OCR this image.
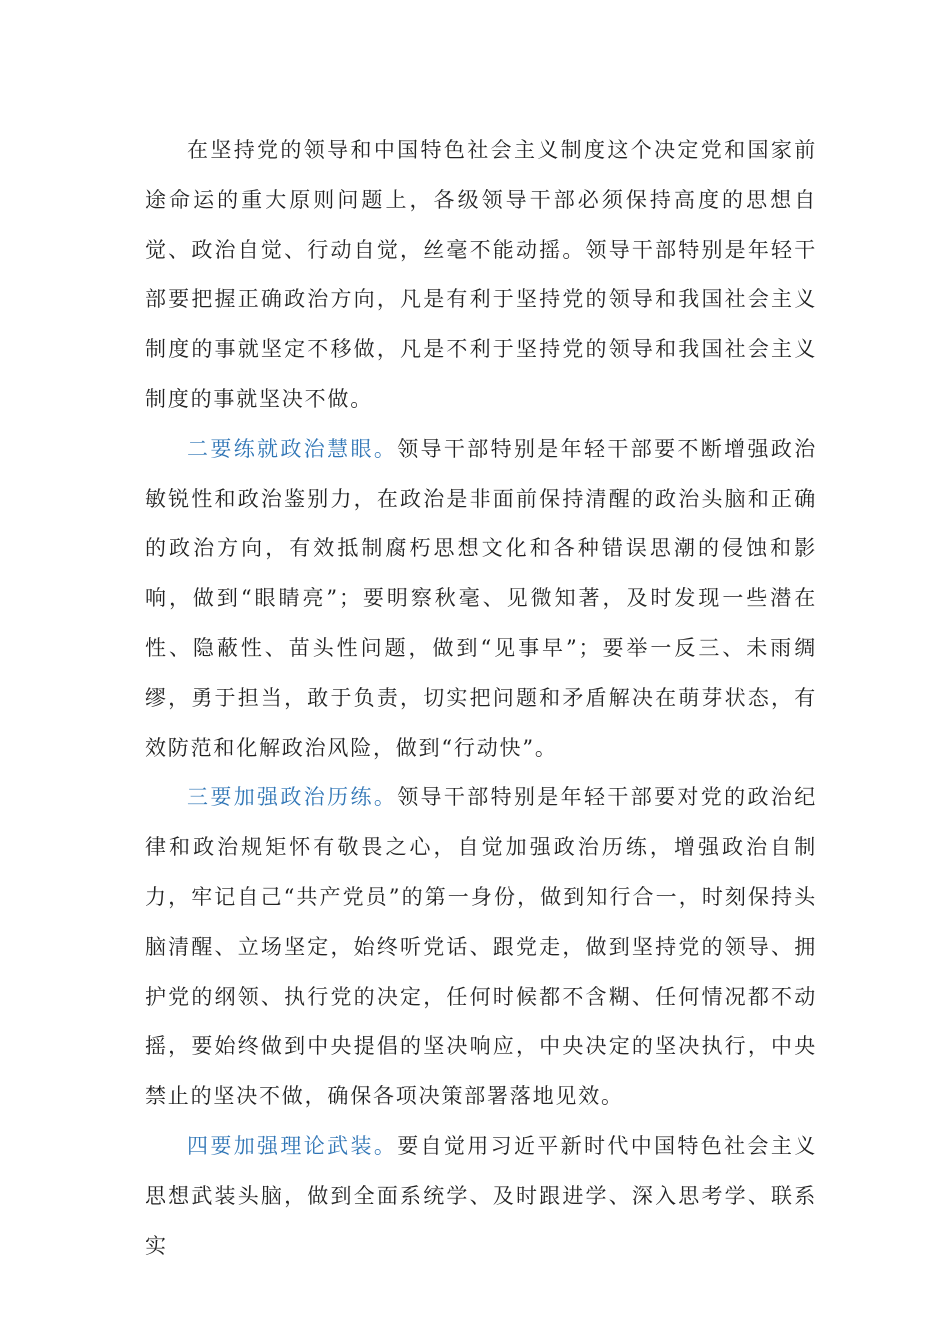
在坚持党的领导和中国特色社会主义制度这个决定党和国家前途命运的重大原则问题上，各级领导干部必须保持高度的思想自觉、政治自觉、行动自觉，丝毫不能动摇。领导干部特别是年轻干部要把握正确政治方向，凡是有利于坚持党的领导和我国社会主义制度的事就坚定不移做，凡是不利于坚持党的领导和我国社会主义制度的事就坚决不做。

二要练就政治慧眼。领导干部特别是年轻干部要不断增强政治敏锐性和政治鉴别力，在政治是非面前保持清醒的政治头脑和正确的政治方向，有效抵制腐朽思想文化和各种错误思潮的侵蚀和影响，做到“眼睛亮”；要明察秋毫、见微知著，及时发现一些潜在性、隐蔽性、苗头性问题，做到“见事早”；要举一反三、未雨绸缪，勇于担当，敢于负责，切实把问题和矛盾解决在萌芽状态，有效防范和化解政治风险，做到“行动快”。

三要加强政治历练。领导干部特别是年轻干部要对党的政治纪律和政治规矩怀有敬畏之心，自觉加强政治历练，增强政治自制力，牢记自己“共产党员”的第一身份，做到知行合一，时刻保持头脑清醒、立场坚定，始终听党话、跟党走，做到坚持党的领导、拥护党的纲领、执行党的决定，任何时候都不含糊、任何情况都不动摇，要始终做到中央提倡的坚决响应，中央决定的坚决执行，中央禁止的坚决不做，确保各项决策部署落地见效。

四要加强理论武装。要自觉用习近平新时代中国特色社会主义思想武装头脑，做到全面系统学、及时跟进学、深入思考学、联系实
